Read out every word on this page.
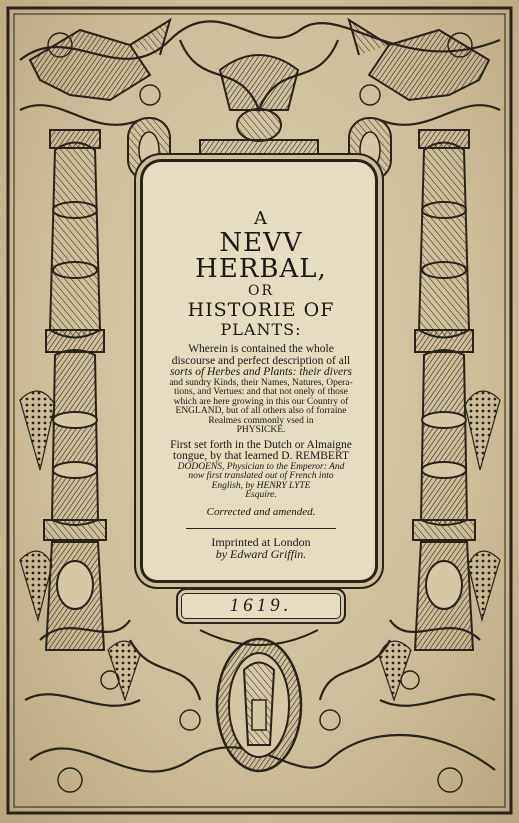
A
NEVV HERBAL,
OR
HISTORIE OF
PLANTS:
Wherein is contained the whole
discourse and perfect description of all
sorts of Herbes and Plants: their divers
and sundry Kinds, their Names, Natures, Opera-
tions, and Vertues: and that not onely of those
which are here growing in this our Country of
ENGLAND, but of all others also of forraine
Realmes commonly vsed in
PHYSICKE.
First set forth in the Dutch or Almaigne
tongue, by that learned D. REMBERT
DODOENS, Physician to the Emperor: And
now first translated out of French into
English, by HENRY LYTE
Esquire.
Corrected and amended.
Imprinted at London
by Edward Griffin.
1619.
